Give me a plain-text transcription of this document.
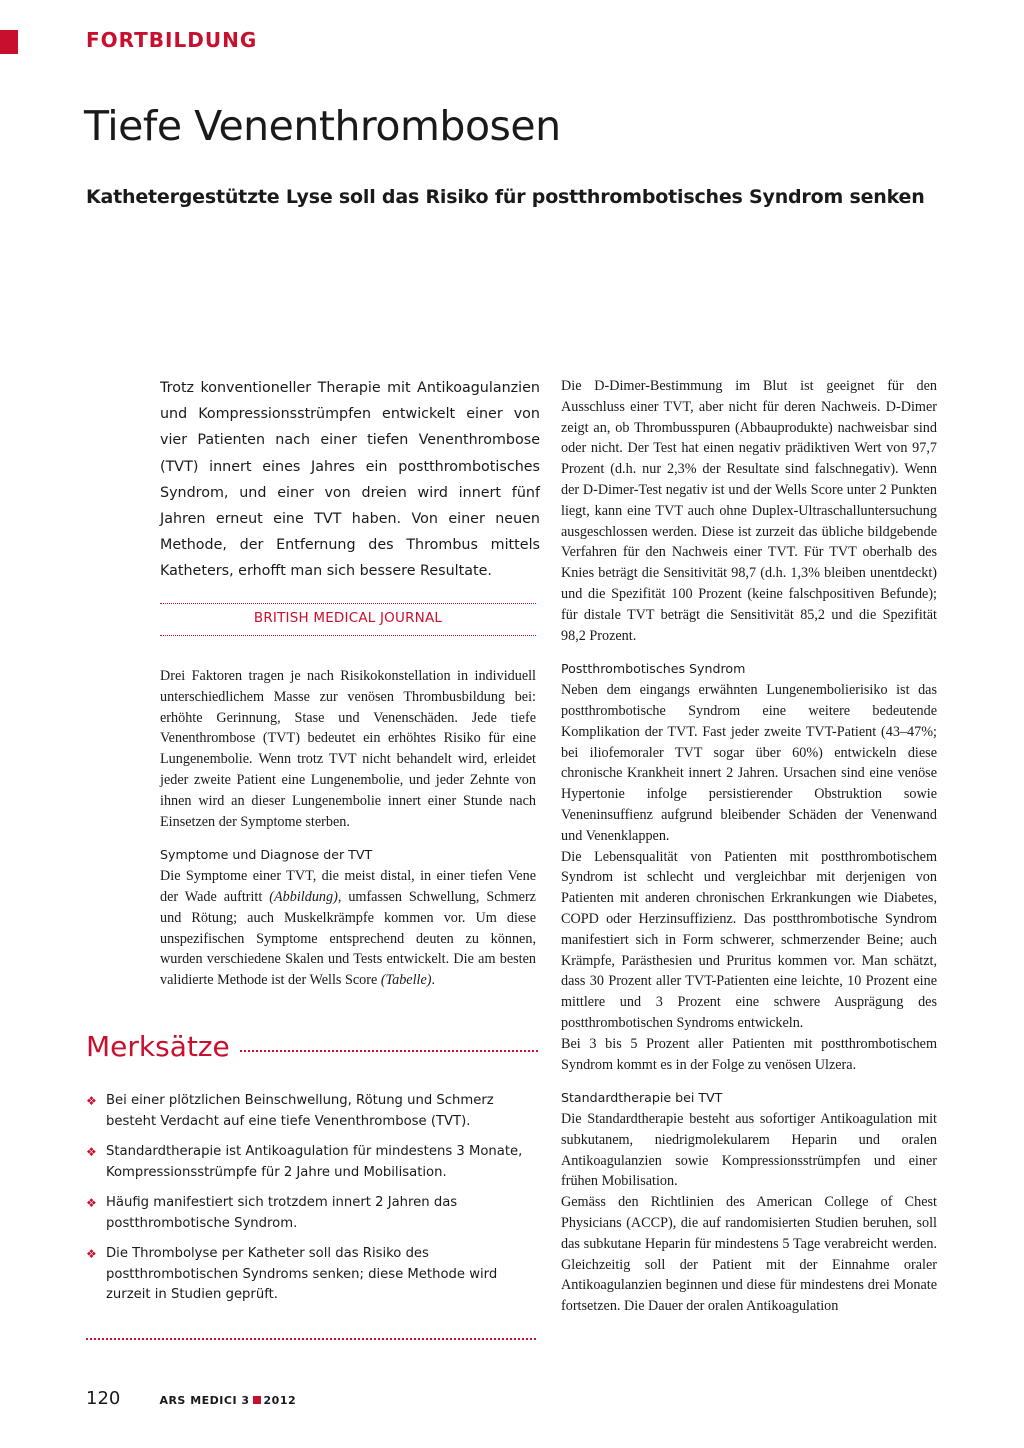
FORTBILDUNG
Tiefe Venenthrombosen
Kathetergestützte Lyse soll das Risiko für postthrombotisches Syndrom senken
Trotz konventioneller Therapie mit Antikoagulanzien und Kompressionsstrümpfen entwickelt einer von vier Patienten nach einer tiefen Venenthrombose (TVT) innert eines Jahres ein postthrombotisches Syndrom, und einer von dreien wird innert fünf Jahren erneut eine TVT haben. Von einer neuen Methode, der Entfernung des Thrombus mittels Katheters, erhofft man sich bessere Resultate.
BRITISH MEDICAL JOURNAL

Drei Faktoren tragen je nach Risikokonstellation in individuell unterschiedlichem Masse zur venösen Thrombusbildung bei: erhöhte Gerinnung, Stase und Venenschäden. Jede tiefe Venenthrombose (TVT) bedeutet ein erhöhtes Risiko für eine Lungenembolie. Wenn trotz TVT nicht behandelt wird, erleidet jeder zweite Patient eine Lungenembolie, und jeder Zehnte von ihnen wird an dieser Lungenembolie innert einer Stunde nach Einsetzen der Symptome sterben.

Symptome und Diagnose der TVT

Die Symptome einer TVT, die meist distal, in einer tiefen Vene der Wade auftritt (Abbildung), umfassen Schwellung, Schmerz und Rötung; auch Muskelkrämpfe kommen vor. Um diese unspezifischen Symptome entsprechend deuten zu können, wurden verschiedene Skalen und Tests entwickelt. Die am besten validierte Methode ist der Wells Score (Tabelle).

Die D-Dimer-Bestimmung im Blut ist geeignet für den Ausschluss einer TVT, aber nicht für deren Nachweis. D-Dimer zeigt an, ob Thrombusspuren (Abbauprodukte) nachweisbar sind oder nicht. Der Test hat einen negativ prädiktiven Wert von 97,7 Prozent (d.h. nur 2,3% der Resultate sind falschnegativ). Wenn der D-Dimer-Test negativ ist und der Wells Score unter 2 Punkten liegt, kann eine TVT auch ohne Duplex-Ultraschalluntersuchung ausgeschlossen werden. Diese ist zurzeit das übliche bildgebende Verfahren für den Nachweis einer TVT. Für TVT oberhalb des Knies beträgt die Sensitivität 98,7 (d.h. 1,3% bleiben unentdeckt) und die Spezifität 100 Prozent (keine falschpositiven Befunde); für distale TVT beträgt die Sensitivität 85,2 und die Spezifität 98,2 Prozent.

Postthrombotisches Syndrom

Neben dem eingangs erwähnten Lungenembolierisiko ist das postthrombotische Syndrom eine weitere bedeutende Komplikation der TVT. Fast jeder zweite TVT-Patient (43–47%; bei iliofemoraler TVT sogar über 60%) entwickeln diese chronische Krankheit innert 2 Jahren. Ursachen sind eine venöse Hypertonie infolge persistierender Obstruktion sowie Veneninsuffienz aufgrund bleibender Schäden der Venenwand und Venenklappen.

Die Lebensqualität von Patienten mit postthrombotischem Syndrom ist schlecht und vergleichbar mit derjenigen von Patienten mit anderen chronischen Erkrankungen wie Diabetes, COPD oder Herzinsuffizienz. Das postthrombotische Syndrom manifestiert sich in Form schwerer, schmerzender Beine; auch Krämpfe, Parästhesien und Pruritus kommen vor. Man schätzt, dass 30 Prozent aller TVT-Patienten eine leichte, 10 Prozent eine mittlere und 3 Prozent eine schwere Ausprägung des postthrombotischen Syndroms entwickeln.

Bei 3 bis 5 Prozent aller Patienten mit postthrombotischem Syndrom kommt es in der Folge zu venösen Ulzera.

Standardtherapie bei TVT

Die Standardtherapie besteht aus sofortiger Antikoagulation mit subkutanem, niedrigmolekularem Heparin und oralen Antikoagulanzien sowie Kompressionsstrümpfen und einer frühen Mobilisation.

Gemäss den Richtlinien des American College of Chest Physicians (ACCP), die auf randomisierten Studien beruhen, soll das subkutane Heparin für mindestens 5 Tage verabreicht werden. Gleichzeitig soll der Patient mit der Einnahme oraler Antikoagulanzien beginnen und diese für mindestens drei Monate fortsetzen. Die Dauer der oralen Antikoagulation

Merksätze
❖ Bei einer plötzlichen Beinschwellung, Rötung und Schmerz besteht Verdacht auf eine tiefe Venenthrombose (TVT).
❖ Standardtherapie ist Antikoagulation für mindestens 3 Monate, Kompressionsstrümpfe für 2 Jahre und Mobilisation.
❖ Häufig manifestiert sich trotzdem innert 2 Jahren das postthrombotische Syndrom.
❖ Die Thrombolyse per Katheter soll das Risiko des postthrombotischen Syndroms senken; diese Methode wird zurzeit in Studien geprüft.
120	ARS MEDICI 3 2012
